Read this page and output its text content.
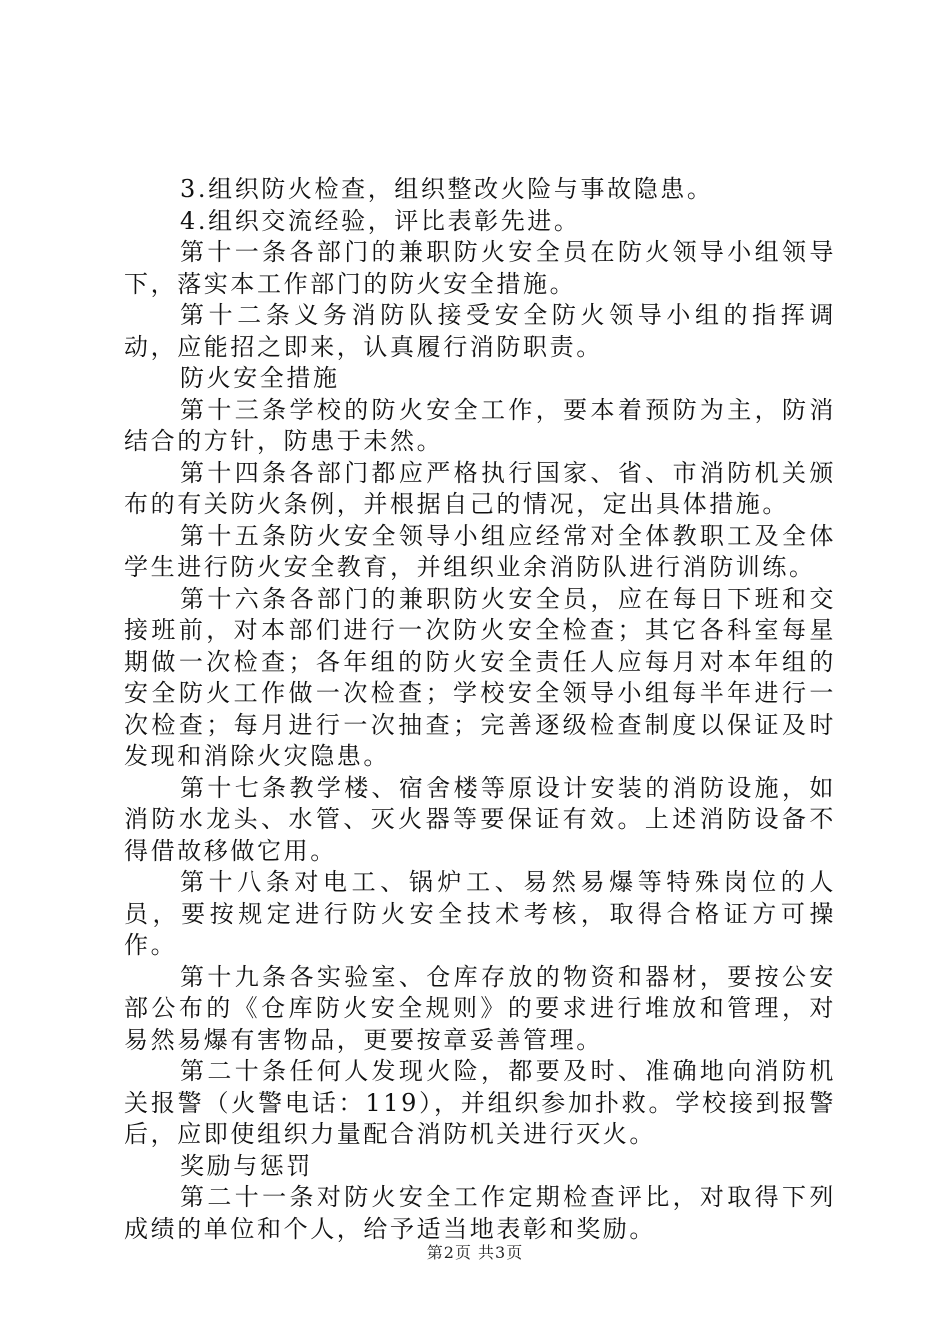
3.组织防火检查，组织整改火险与事故隐患。

4.组织交流经验，评比表彰先进。

第十一条各部门的兼职防火安全员在防火领导小组领导下，落实本工作部门的防火安全措施。

第十二条义务消防队接受安全防火领导小组的指挥调动，应能招之即来，认真履行消防职责。

防火安全措施

第十三条学校的防火安全工作，要本着预防为主，防消结合的方针，防患于未然。

第十四条各部门都应严格执行国家、省、市消防机关颁布的有关防火条例，并根据自己的情况，定出具体措施。

第十五条防火安全领导小组应经常对全体教职工及全体学生进行防火安全教育，并组织业余消防队进行消防训练。

第十六条各部门的兼职防火安全员，应在每日下班和交接班前，对本部们进行一次防火安全检查；其它各科室每星期做一次检查；各年组的防火安全责任人应每月对本年组的安全防火工作做一次检查；学校安全领导小组每半年进行一次检查；每月进行一次抽查；完善逐级检查制度以保证及时发现和消除火灾隐患。

第十七条教学楼、宿舍楼等原设计安装的消防设施，如消防水龙头、水管、灭火器等要保证有效。上述消防设备不得借故移做它用。

第十八条对电工、锅炉工、易然易爆等特殊岗位的人员，要按规定进行防火安全技术考核，取得合格证方可操作。

第十九条各实验室、仓库存放的物资和器材，要按公安部公布的《仓库防火安全规则》的要求进行堆放和管理，对易然易爆有害物品，更要按章妥善管理。

第二十条任何人发现火险，都要及时、准确地向消防机关报警（火警电话：119），并组织参加扑救。学校接到报警后，应即使组织力量配合消防机关进行灭火。

奖励与惩罚

第二十一条对防火安全工作定期检查评比，对取得下列成绩的单位和个人，给予适当地表彰和奖励。

第2页 共3页
